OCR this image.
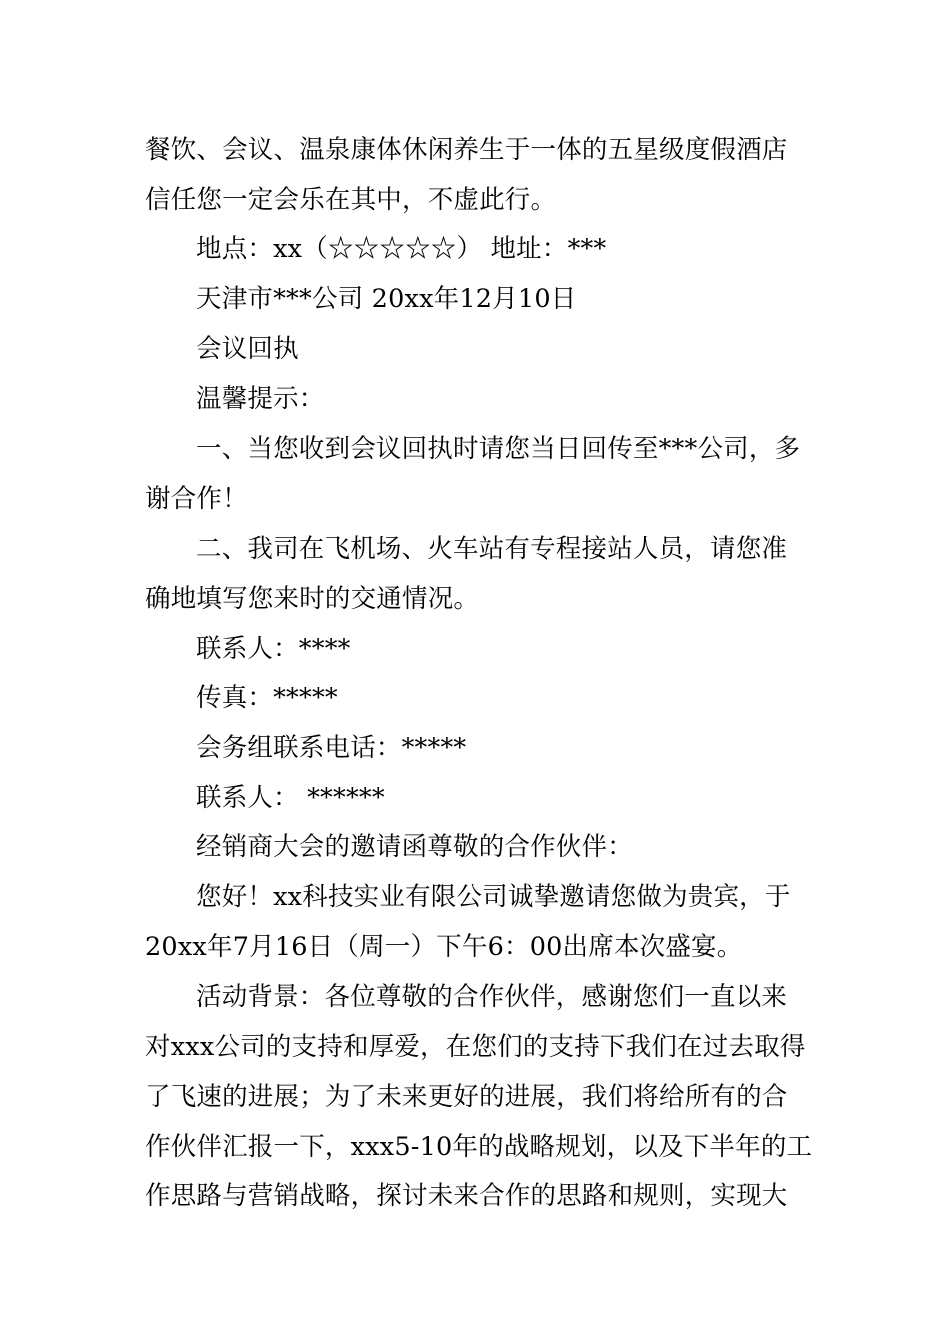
餐饮、会议、温泉康体休闲养生于一体的五星级度假酒店
信任您一定会乐在其中，不虚此行。
地点：xx（☆☆☆☆☆） 地址：***
天津市***公司 20xx年12月10日
会议回执
温馨提示：
一、当您收到会议回执时请您当日回传至***公司，多
谢合作！
二、我司在飞机场、火车站有专程接站人员，请您准
确地填写您来时的交通情况。
联系人：****
传真：*****
会务组联系电话：*****
联系人： ******
经销商大会的邀请函尊敬的合作伙伴：
您好！xx科技实业有限公司诚挚邀请您做为贵宾，于
20xx年7月16日（周一）下午6：00出席本次盛宴。
活动背景：各位尊敬的合作伙伴，感谢您们一直以来
对xxx公司的支持和厚爱，在您们的支持下我们在过去取得
了飞速的进展；为了未来更好的进展，我们将给所有的合
作伙伴汇报一下，xxx5-10年的战略规划，以及下半年的工
作思路与营销战略，探讨未来合作的思路和规则，实现大
